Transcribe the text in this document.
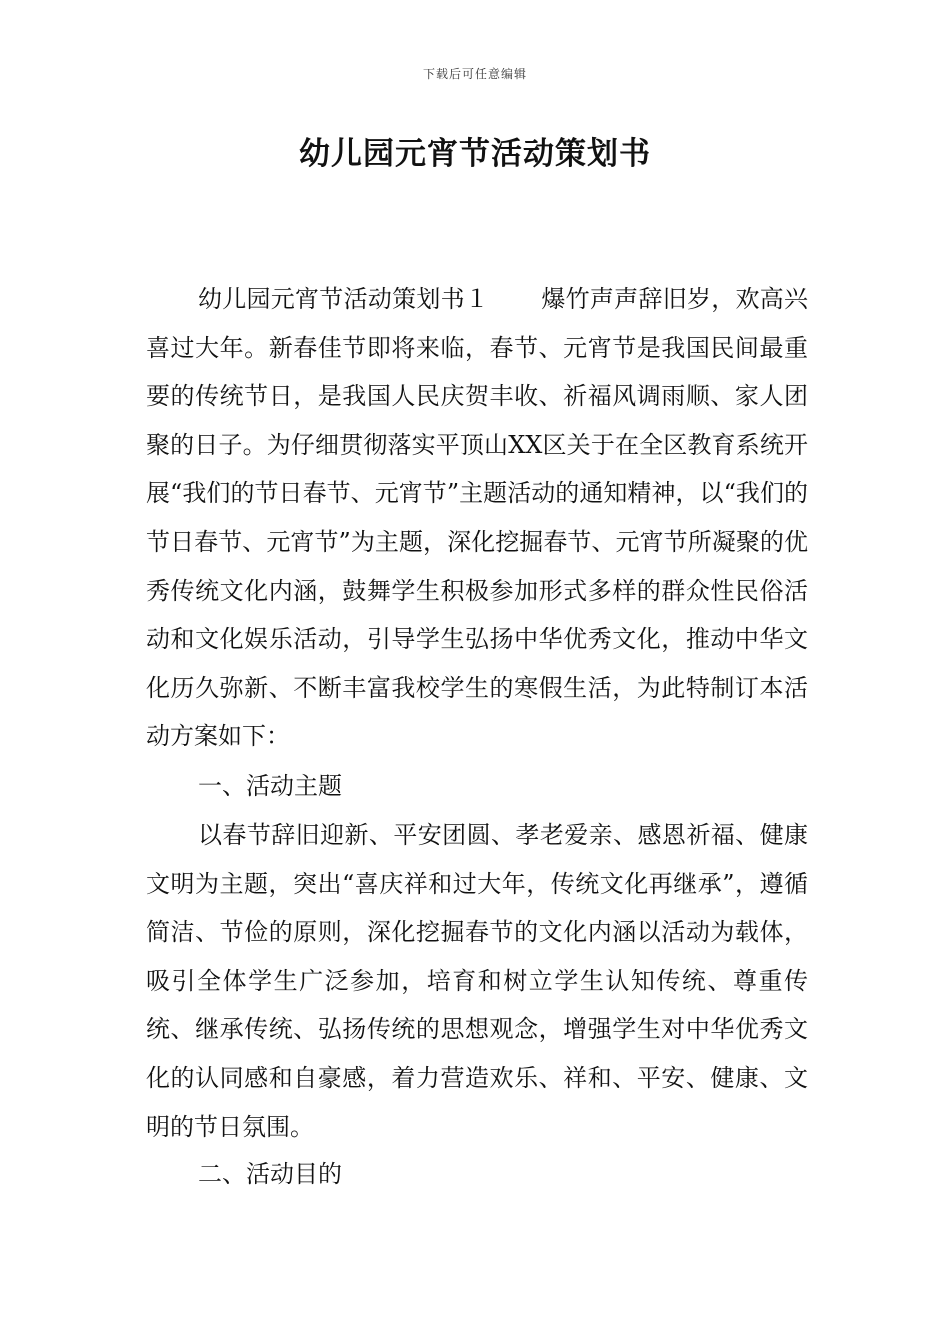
下载后可任意编辑
幼儿园元宵节活动策划书

幼儿园元宵节活动策划书１ 爆竹声声辞旧岁，欢高兴喜过大年。新春佳节即将来临，春节、元宵节是我国民间最重要的传统节日，是我国人民庆贺丰收、祈福风调雨顺、家人团聚的日子。为仔细贯彻落实平顶山XX区关于在全区教育系统开展“我们的节日春节、元宵节”主题活动的通知精神，以“我们的节日春节、元宵节”为主题，深化挖掘春节、元宵节所凝聚的优秀传统文化内涵，鼓舞学生积极参加形式多样的群众性民俗活动和文化娱乐活动，引导学生弘扬中华优秀文化，推动中华文化历久弥新、不断丰富我校学生的寒假生活，为此特制订本活动方案如下：

一、活动主题

以春节辞旧迎新、平安团圆、孝老爱亲、感恩祈福、健康文明为主题，突出“喜庆祥和过大年，传统文化再继承”，遵循简洁、节俭的原则，深化挖掘春节的文化内涵以活动为载体，吸引全体学生广泛参加，培育和树立学生认知传统、尊重传统、继承传统、弘扬传统的思想观念，增强学生对中华优秀文化的认同感和自豪感，着力营造欢乐、祥和、平安、健康、文明的节日氛围。

二、活动目的
